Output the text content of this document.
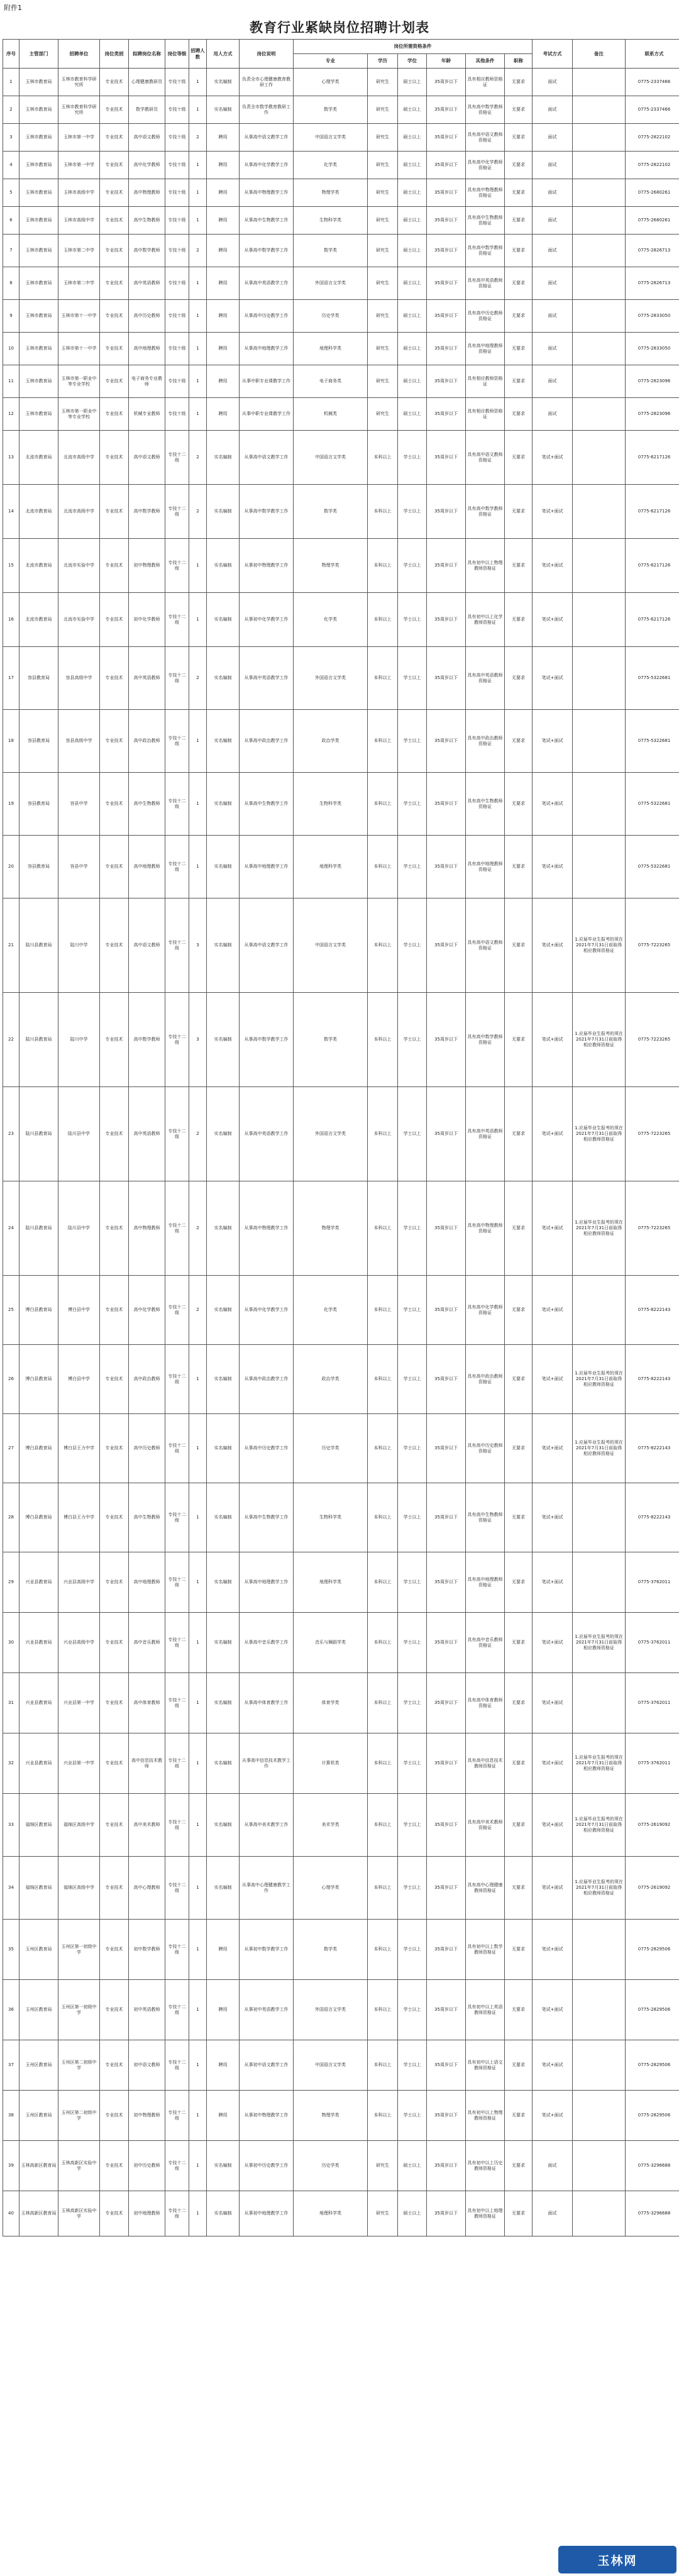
附件1
教育行业紧缺岗位招聘计划表
序号	主管部门	招聘单位	岗位类别	拟聘岗位名称	岗位等级	招聘人数	用人方式	岗位说明	岗位所需资格条件						考试方式	备注	联系方式
									专业	学历	学位	年龄	其他条件	职称			
1	玉林市教育局	玉林市教育科学研究所	专业技术	心理健康教研员	专技十级	1	实名编制	负责全市心理健康教育教研工作	心理学类	研究生	硕士以上	35周岁以下	具有相应教师资格证	无要求	面试		0775-2337466
2	玉林市教育局	玉林市教育科学研究所	专业技术	数学教研员	专技十级	1	实名编制	负责全市数学教育教研工作	数学类	研究生	硕士以上	35周岁以下	具有高中数学教师资格证	无要求	面试		0775-2337466
3	玉林市教育局	玉林市第一中学	专业技术	高中语文教师	专技十级	2	聘用	从事高中语文教学工作	中国语言文学类	研究生	硕士以上	35周岁以下	具有高中语文教师资格证	无要求	面试		0775-2822102
4	玉林市教育局	玉林市第一中学	专业技术	高中化学教师	专技十级	1	聘用	从事高中化学教学工作	化学类	研究生	硕士以上	35周岁以下	具有高中化学教师资格证	无要求	面试		0775-2822102
5	玉林市教育局	玉林市高级中学	专业技术	高中物理教师	专技十级	1	聘用	从事高中物理教学工作	物理学类	研究生	硕士以上	35周岁以下	具有高中物理教师资格证	无要求	面试		0775-2680261
6	玉林市教育局	玉林市高级中学	专业技术	高中生物教师	专技十级	1	聘用	从事高中生物教学工作	生物科学类	研究生	硕士以上	35周岁以下	具有高中生物教师资格证	无要求	面试		0775-2680261
7	玉林市教育局	玉林市第二中学	专业技术	高中数学教师	专技十级	2	聘用	从事高中数学教学工作	数学类	研究生	硕士以上	35周岁以下	具有高中数学教师资格证	无要求	面试		0775-2826713
8	玉林市教育局	玉林市第二中学	专业技术	高中英语教师	专技十级	1	聘用	从事高中英语教学工作	外国语言文学类	研究生	硕士以上	35周岁以下	具有高中英语教师资格证	无要求	面试		0775-2826713
9	玉林市教育局	玉林市第十一中学	专业技术	高中历史教师	专技十级	1	聘用	从事高中历史教学工作	历史学类	研究生	硕士以上	35周岁以下	具有高中历史教师资格证	无要求	面试		0775-2833050
10	玉林市教育局	玉林市第十一中学	专业技术	高中地理教师	专技十级	1	聘用	从事高中地理教学工作	地理科学类	研究生	硕士以上	35周岁以下	具有高中地理教师资格证	无要求	面试		0775-2833050
11	玉林市教育局	玉林市第一职业中等专业学校	专业技术	电子商务专业教师	专技十级	1	聘用	从事中职专业课教学工作	电子商务类	研究生	硕士以上	35周岁以下	具有相应教师资格证	无要求	面试		0775-2823096
12	玉林市教育局	玉林市第一职业中等专业学校	专业技术	机械专业教师	专技十级	1	聘用	从事中职专业课教学工作	机械类	研究生	硕士以上	35周岁以下	具有相应教师资格证	无要求	面试		0775-2823096
13	北流市教育局	北流市高级中学	专业技术	高中语文教师	专技十二级	2	实名编制	从事高中语文教学工作	中国语言文学类	本科以上	学士以上	35周岁以下	具有高中语文教师资格证	无要求	笔试+面试		0775-6217126
14	北流市教育局	北流市高级中学	专业技术	高中数学教师	专技十二级	2	实名编制	从事高中数学教学工作	数学类	本科以上	学士以上	35周岁以下	具有高中数学教师资格证	无要求	笔试+面试		0775-6217126
15	北流市教育局	北流市实验中学	专业技术	初中物理教师	专技十二级	1	实名编制	从事初中物理教学工作	物理学类	本科以上	学士以上	35周岁以下	具有初中以上物理教师资格证	无要求	笔试+面试		0775-6217126
16	北流市教育局	北流市实验中学	专业技术	初中化学教师	专技十二级	1	实名编制	从事初中化学教学工作	化学类	本科以上	学士以上	35周岁以下	具有初中以上化学教师资格证	无要求	笔试+面试		0775-6217126
17	容县教育局	容县高级中学	专业技术	高中英语教师	专技十二级	2	实名编制	从事高中英语教学工作	外国语言文学类	本科以上	学士以上	35周岁以下	具有高中英语教师资格证	无要求	笔试+面试		0775-5322681
18	容县教育局	容县高级中学	专业技术	高中政治教师	专技十二级	1	实名编制	从事高中政治教学工作	政治学类	本科以上	学士以上	35周岁以下	具有高中政治教师资格证	无要求	笔试+面试		0775-5322681
19	容县教育局	容县中学	专业技术	高中生物教师	专技十二级	1	实名编制	从事高中生物教学工作	生物科学类	本科以上	学士以上	35周岁以下	具有高中生物教师资格证	无要求	笔试+面试		0775-5322681
20	容县教育局	容县中学	专业技术	高中地理教师	专技十二级	1	实名编制	从事高中地理教学工作	地理科学类	本科以上	学士以上	35周岁以下	具有高中地理教师资格证	无要求	笔试+面试		0775-5322681
21	陆川县教育局	陆川中学	专业技术	高中语文教师	专技十二级	3	实名编制	从事高中语文教学工作	中国语言文学类	本科以上	学士以上	35周岁以下	具有高中语文教师资格证	无要求	笔试+面试	1.应届毕业生报考的须在2021年7月31日前取得相应教师资格证	0775-7223265
22	陆川县教育局	陆川中学	专业技术	高中数学教师	专技十二级	3	实名编制	从事高中数学教学工作	数学类	本科以上	学士以上	35周岁以下	具有高中数学教师资格证	无要求	笔试+面试	1.应届毕业生报考的须在2021年7月31日前取得相应教师资格证	0775-7223265
23	陆川县教育局	陆川县中学	专业技术	高中英语教师	专技十二级	2	实名编制	从事高中英语教学工作	外国语言文学类	本科以上	学士以上	35周岁以下	具有高中英语教师资格证	无要求	笔试+面试	1.应届毕业生报考的须在2021年7月31日前取得相应教师资格证	0775-7223265
24	陆川县教育局	陆川县中学	专业技术	高中物理教师	专技十二级	2	实名编制	从事高中物理教学工作	物理学类	本科以上	学士以上	35周岁以下	具有高中物理教师资格证	无要求	笔试+面试	1.应届毕业生报考的须在2021年7月31日前取得相应教师资格证	0775-7223265
25	博白县教育局	博白县中学	专业技术	高中化学教师	专技十二级	2	实名编制	从事高中化学教学工作	化学类	本科以上	学士以上	35周岁以下	具有高中化学教师资格证	无要求	笔试+面试		0775-8222143
26	博白县教育局	博白县中学	专业技术	高中政治教师	专技十二级	1	实名编制	从事高中政治教学工作	政治学类	本科以上	学士以上	35周岁以下	具有高中政治教师资格证	无要求	笔试+面试	1.应届毕业生报考的须在2021年7月31日前取得相应教师资格证	0775-8222143
27	博白县教育局	博白县王力中学	专业技术	高中历史教师	专技十二级	1	实名编制	从事高中历史教学工作	历史学类	本科以上	学士以上	35周岁以下	具有高中历史教师资格证	无要求	笔试+面试	1.应届毕业生报考的须在2021年7月31日前取得相应教师资格证	0775-8222143
28	博白县教育局	博白县王力中学	专业技术	高中生物教师	专技十二级	1	实名编制	从事高中生物教学工作	生物科学类	本科以上	学士以上	35周岁以下	具有高中生物教师资格证	无要求	笔试+面试		0775-8222143
29	兴业县教育局	兴业县高级中学	专业技术	高中地理教师	专技十二级	1	实名编制	从事高中地理教学工作	地理科学类	本科以上	学士以上	35周岁以下	具有高中地理教师资格证	无要求	笔试+面试		0775-3762011
30	兴业县教育局	兴业县高级中学	专业技术	高中音乐教师	专技十二级	1	实名编制	从事高中音乐教学工作	音乐与舞蹈学类	本科以上	学士以上	35周岁以下	具有高中音乐教师资格证	无要求	笔试+面试	1.应届毕业生报考的须在2021年7月31日前取得相应教师资格证	0775-3762011
31	兴业县教育局	兴业县第一中学	专业技术	高中体育教师	专技十二级	1	实名编制	从事高中体育教学工作	体育学类	本科以上	学士以上	35周岁以下	具有高中体育教师资格证	无要求	笔试+面试		0775-3762011
32	兴业县教育局	兴业县第一中学	专业技术	高中信息技术教师	专技十二级	1	实名编制	从事高中信息技术教学工作	计算机类	本科以上	学士以上	35周岁以下	具有高中信息技术教师资格证	无要求	笔试+面试	1.应届毕业生报考的须在2021年7月31日前取得相应教师资格证	0775-3762011
33	福绵区教育局	福绵区高级中学	专业技术	高中美术教师	专技十二级	1	实名编制	从事高中美术教学工作	美术学类	本科以上	学士以上	35周岁以下	具有高中美术教师资格证	无要求	笔试+面试	1.应届毕业生报考的须在2021年7月31日前取得相应教师资格证	0775-2619092
34	福绵区教育局	福绵区高级中学	专业技术	高中心理教师	专技十二级	1	实名编制	从事高中心理健康教学工作	心理学类	本科以上	学士以上	35周岁以下	具有高中心理健康教师资格证	无要求	笔试+面试	1.应届毕业生报考的须在2021年7月31日前取得相应教师资格证	0775-2619092
35	玉州区教育局	玉州区第一初级中学	专业技术	初中数学教师	专技十二级	1	聘用	从事初中数学教学工作	数学类	本科以上	学士以上	35周岁以下	具有初中以上数学教师资格证	无要求	笔试+面试		0775-2829506
36	玉州区教育局	玉州区第一初级中学	专业技术	初中英语教师	专技十二级	1	聘用	从事初中英语教学工作	外国语言文学类	本科以上	学士以上	35周岁以下	具有初中以上英语教师资格证	无要求	笔试+面试		0775-2829506
37	玉州区教育局	玉州区第二初级中学	专业技术	初中语文教师	专技十二级	1	聘用	从事初中语文教学工作	中国语言文学类	本科以上	学士以上	35周岁以下	具有初中以上语文教师资格证	无要求	笔试+面试		0775-2829506
38	玉州区教育局	玉州区第二初级中学	专业技术	初中物理教师	专技十二级	1	聘用	从事初中物理教学工作	物理学类	本科以上	学士以上	35周岁以下	具有初中以上物理教师资格证	无要求	笔试+面试		0775-2829506
39	玉林高新区教育局	玉林高新区实验中学	专业技术	初中历史教师	专技十二级	1	实名编制	从事初中历史教学工作	历史学类	研究生	硕士以上	35周岁以下	具有初中以上历史教师资格证	无要求	面试		0775-3296688
40	玉林高新区教育局	玉林高新区实验中学	专业技术	初中地理教师	专技十二级	1	实名编制	从事初中地理教学工作	地理科学类	研究生	硕士以上	35周岁以下	具有初中以上地理教师资格证	无要求	面试		0775-3296688
玉林网
